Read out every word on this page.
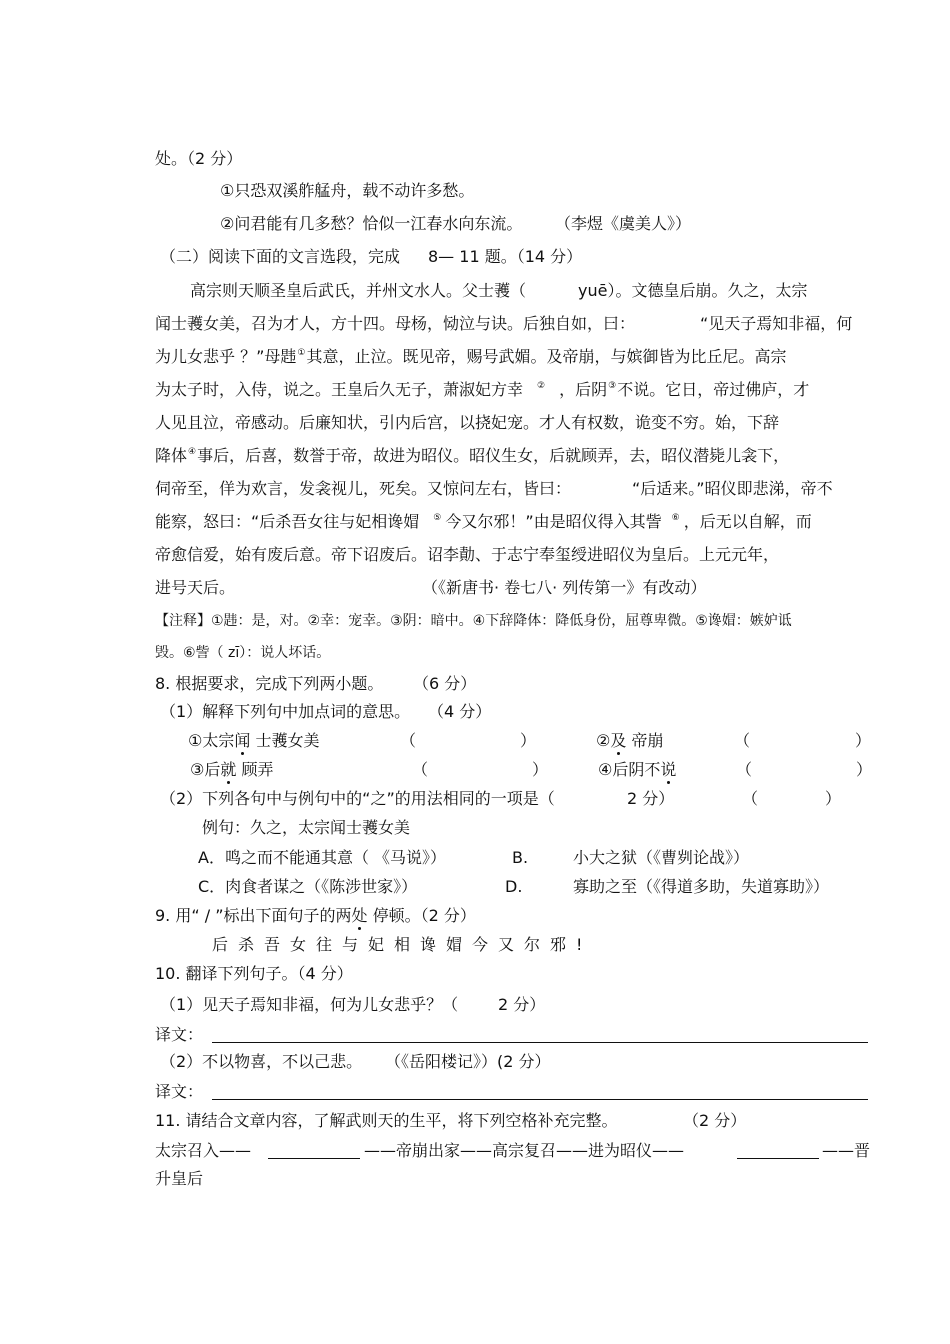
处。（2 分）
①只恐双溪舴艋舟，载不动许多愁。
②问君能有几多愁？恰似一江春水向东流。 （李煜《虞美人》）
（二）阅读下面的文言选段，完成 8— 11 题。（14 分）
高宗则天顺圣皇后武氏，并州文水人。父士彟（	yuē）。文德皇后崩。久之，太宗
闻士彟女美，召为才人，方十四。母杨，恸泣与诀。后独自如，曰：	“见天子焉知非福，何
为儿女悲乎 ？”母韪①其意，止泣。既见帝，赐号武媚。及帝崩，与嫔御皆为比丘尼。高宗
为太子时，入侍，说之。王皇后久无子，萧淑妃方幸 ② ，后阴③不说。它日，帝过佛庐，才
人见且泣，帝感动。后廉知状，引内后宫，以挠妃宠。才人有权数，诡变不穷。始，下辞
降体④事后，后喜，数誉于帝，故进为昭仪。昭仪生女，后就顾弄，去，昭仪潜毙儿衾下，
伺帝至，佯为欢言，发衾视儿，死矣。又惊问左右，皆曰：	“后适来。”昭仪即悲涕，帝不
能察，怒曰：“后杀吾女往与妃相谗媢 ⑤ 今又尔邪！”由是昭仪得入其訾 ⑥ ，后无以自解，而
帝愈信爱，始有废后意。帝下诏废后。诏李勣、于志宁奉玺绶进昭仪为皇后。上元元年，
进号天后。	（《新唐书· 卷七八· 列传第一》有改动）
【注释】①韪：是，对。②幸：宠幸。③阴：暗中。④下辞降体：降低身份，屈尊卑微。⑤谗媢：嫉妒诋
毁。⑥訾（ zī）：说人坏话。
8. 根据要求，完成下列两小题。 （6 分）
（1）解释下列句中加点词的意思。 （4 分）
①太宗闻 士彟女美	（	）	②及 帝崩	（	）
③后就 顾弄	（	）	④后阴不说	（	）
（2）下列各句中与例句中的“之”的用法相同的一项是（	2 分）	（	）
例句：久之，太宗闻士彟女美
A．鸣之而不能通其意（ 《马说》）	B.	小大之狱（《曹刿论战》）
C．肉食者谋之（《陈涉世家》）	D.	寡助之至（《得道多助，失道寡助》）
9. 用“ / ”标出下面句子的两处 停顿。（2 分）
后杀吾女往与妃相谗媢今又尔邪!
10. 翻译下列句子。（4 分）
（1）见天子焉知非福，何为儿女悲乎？（ 2 分）
译文：
（2）不以物喜，不以己悲。 （《岳阳楼记》）(2 分）
译文：
11. 请结合文章内容，了解武则天的生平，将下列空格补充完整。	（2 分）
太宗召入——	——帝崩出家——高宗复召——进为昭仪——	——晋
升皇后
